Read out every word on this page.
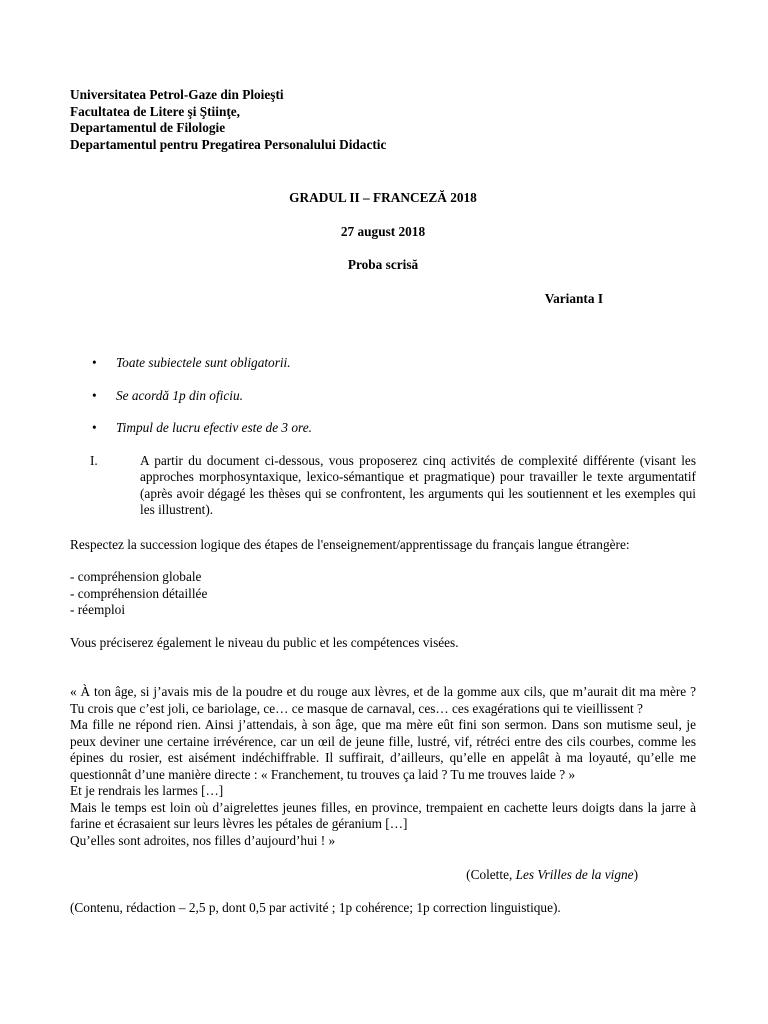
Universitatea Petrol-Gaze din Ploieşti
Facultatea de Litere şi Ştiinţe,
Departamentul de Filologie
Departamentul pentru Pregatirea Personalului Didactic
GRADUL II – FRANCEZĂ 2018
27 august 2018
Proba scrisă
Varianta I
• Toate subiectele sunt obligatorii.
• Se acordă 1p din oficiu.
• Timpul de lucru efectiv este de 3 ore.
I.	A partir du document ci-dessous, vous proposerez cinq activités de complexité différente (visant les approches morphosyntaxique, lexico-sémantique et pragmatique) pour travailler le texte argumentatif (après avoir dégagé les thèses qui se confrontent, les arguments qui les soutiennent et les exemples qui les illustrent).

Respectez la succession logique des étapes de l'enseignement/apprentissage du français langue étrangère:

- compréhension globale
- compréhension détaillée
- réemploi

Vous préciserez également le niveau du public et les compétences visées.

« À ton âge, si j’avais mis de la poudre et du rouge aux lèvres, et de la gomme aux cils, que m’aurait dit ma mère ? Tu crois que c’est joli, ce bariolage, ce… ce masque de carnaval, ces… ces exagérations qui te vieillissent ?

Ma fille ne répond rien. Ainsi j’attendais, à son âge, que ma mère eût fini son sermon. Dans son mutisme seul, je peux deviner une certaine irrévérence, car un œil de jeune fille, lustré, vif, rétréci entre des cils courbes, comme les épines du rosier, est aisément indéchiffrable. Il suffirait, d’ailleurs, qu’elle en appelât à ma loyauté, qu’elle me questionnât d’une manière directe : « Franchement, tu trouves ça laid ? Tu me trouves laide ? »

Et je rendrais les larmes […]

Mais le temps est loin où d’aigrelettes jeunes filles, en province, trempaient en cachette leurs doigts dans la jarre à farine et écrasaient sur leurs lèvres les pétales de géranium […]

Qu’elles sont adroites, nos filles d’aujourd’hui ! »

(Colette, Les Vrilles de la vigne)

(Contenu, rédaction – 2,5 p, dont 0,5 par activité ; 1p cohérence; 1p correction linguistique).
